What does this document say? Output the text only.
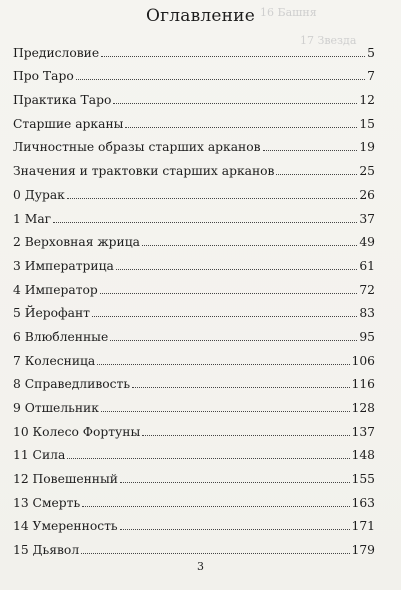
16 Башня
17 Звезда
Оглавление
Предисловие	5
Про Таро	7
Практика Таро	12
Старшие арканы	15
Личностные образы старших арканов	19
Значения и трактовки старших арканов	25
0 Дурак	26
1 Маг	37
2 Верховная жрица	49
3 Императрица	61
4 Император	72
5 Йерофант	83
6 Влюбленные	95
7 Колесница	106
8 Справедливость	116
9 Отшельник	128
10 Колесо Фортуны	137
11 Сила	148
12 Повешенный	155
13 Смерть	163
14 Умеренность	171
15 Дьявол	179
3
